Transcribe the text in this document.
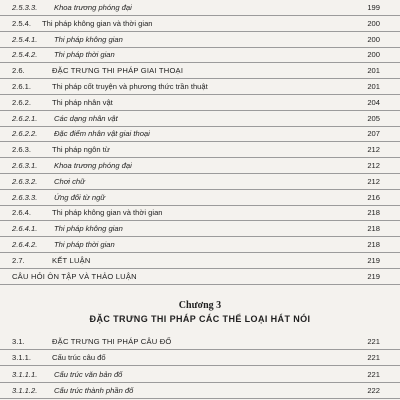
2.5.3.3. Khoa trương phóng đại	199
2.5.4. Thi pháp không gian và thời gian	200
2.5.4.1. Thi pháp không gian	200
2.5.4.2. Thi pháp thời gian	200
2.6.	ĐẶC TRƯNG THI PHÁP GIAI THOẠI	201
2.6.1.	Thi pháp cốt truyện và phương thức trần thuật	201
2.6.2.	Thi pháp nhân vật	204
2.6.2.1. Các dạng nhân vật	205
2.6.2.2. Đặc điểm nhân vật giai thoại	207
2.6.3.	Thi pháp ngôn từ	212
2.6.3.1. Khoa trương phóng đại	212
2.6.3.2. Chơi chữ	212
2.6.3.3. Ứng đối từ ngữ	216
2.6.4.	Thi pháp không gian và thời gian	218
2.6.4.1. Thi pháp không gian	218
2.6.4.2. Thi pháp thời gian	218
2.7.	KẾT LUẬN	219
CÂU HỎI ÔN TẬP VÀ THẢO LUẬN	219
Chương 3
ĐẶC TRƯNG THI PHÁP CÁC THỂ LOẠI HÁT NÓI
3.1.	ĐẶC TRƯNG THI PHÁP CÂU ĐỐ	221
3.1.1.	Cấu trúc câu đố	221
3.1.1.1. Cấu trúc văn bản đố	221
3.1.1.2. Cấu trúc thành phần đố	222
